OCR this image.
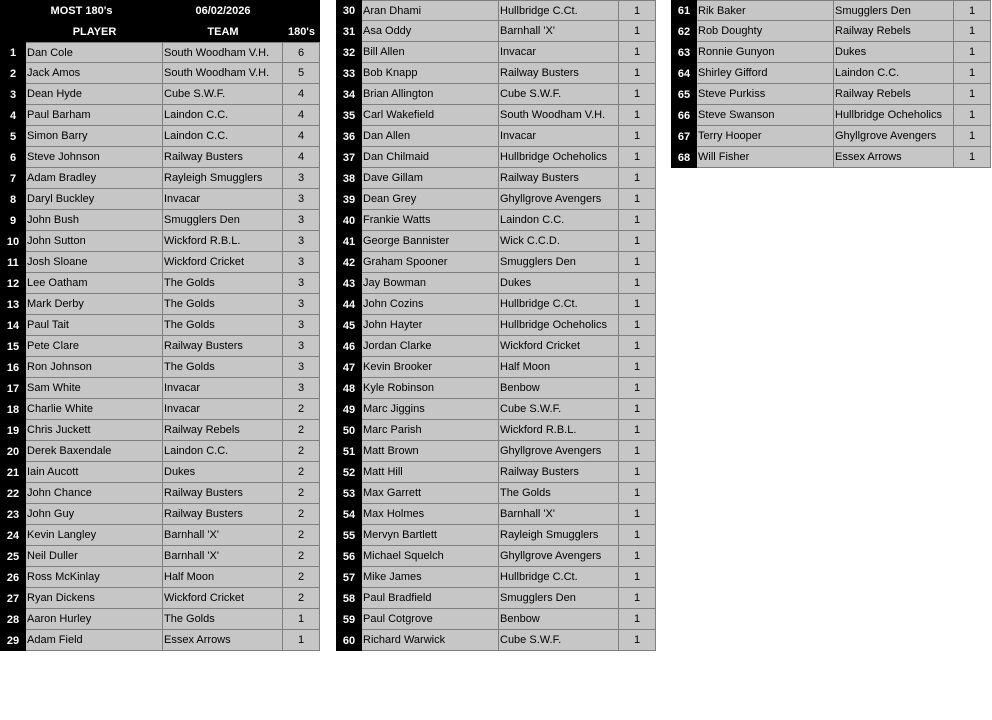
MOST 180's	06/02/2026
PLAYER	TEAM	180's
1 Dan Cole	South Woodham V.H.	6
2 Jack Amos	South Woodham V.H.	5
3 Dean Hyde	Cube S.W.F.	4
4 Paul Barham	Laindon C.C.	4
5 Simon Barry	Laindon C.C.	4
6 Steve Johnson	Railway Busters	4
7 Adam Bradley	Rayleigh Smugglers	3
8 Daryl Buckley	Invacar	3
9 John Bush	Smugglers Den	3
10 John Sutton	Wickford R.B.L.	3
11 Josh Sloane	Wickford Cricket	3
12 Lee Oatham	The Golds	3
13 Mark Derby	The Golds	3
14 Paul Tait	The Golds	3
15 Pete Clare	Railway Busters	3
16 Ron Johnson	The Golds	3
17 Sam White	Invacar	3
18 Charlie White	Invacar	2
19 Chris Juckett	Railway Rebels	2
20 Derek Baxendale	Laindon C.C.	2
21 Iain Aucott	Dukes	2
22 John Chance	Railway Busters	2
23 John Guy	Railway Busters	2
24 Kevin Langley	Barnhall 'X'	2
25 Neil Duller	Barnhall 'X'	2
26 Ross McKinlay	Half Moon	2
27 Ryan Dickens	Wickford Cricket	2
28 Aaron Hurley	The Golds	1
29 Adam Field	Essex Arrows	1
30 Aran Dhami	Hullbridge C.Ct.	1
31 Asa Oddy	Barnhall 'X'	1
32 Bill Allen	Invacar	1
33 Bob Knapp	Railway Busters	1
34 Brian Allington	Cube S.W.F.	1
35 Carl Wakefield	South Woodham V.H.	1
36 Dan Allen	Invacar	1
37 Dan Chilmaid	Hullbridge Ocheholics	1
38 Dave Gillam	Railway Busters	1
39 Dean Grey	Ghyllgrove Avengers	1
40 Frankie Watts	Laindon C.C.	1
41 George Bannister	Wick C.C.D.	1
42 Graham Spooner	Smugglers Den	1
43 Jay Bowman	Dukes	1
44 John Cozins	Hullbridge C.Ct.	1
45 John Hayter	Hullbridge Ocheholics	1
46 Jordan Clarke	Wickford Cricket	1
47 Kevin Brooker	Half Moon	1
48 Kyle Robinson	Benbow	1
49 Marc Jiggins	Cube S.W.F.	1
50 Marc Parish	Wickford R.B.L.	1
51 Matt Brown	Ghyllgrove Avengers	1
52 Matt Hill	Railway Busters	1
53 Max Garrett	The Golds	1
54 Max Holmes	Barnhall 'X'	1
55 Mervyn Bartlett	Rayleigh Smugglers	1
56 Michael Squelch	Ghyllgrove Avengers	1
57 Mike James	Hullbridge C.Ct.	1
58 Paul Bradfield	Smugglers Den	1
59 Paul Cotgrove	Benbow	1
60 Richard Warwick	Cube S.W.F.	1
61 Rik Baker	Smugglers Den	1
62 Rob Doughty	Railway Rebels	1
63 Ronnie Gunyon	Dukes	1
64 Shirley Gifford	Laindon C.C.	1
65 Steve Purkiss	Railway Rebels	1
66 Steve Swanson	Hullbridge Ocheholics	1
67 Terry Hooper	Ghyllgrove Avengers	1
68 Will Fisher	Essex Arrows	1
